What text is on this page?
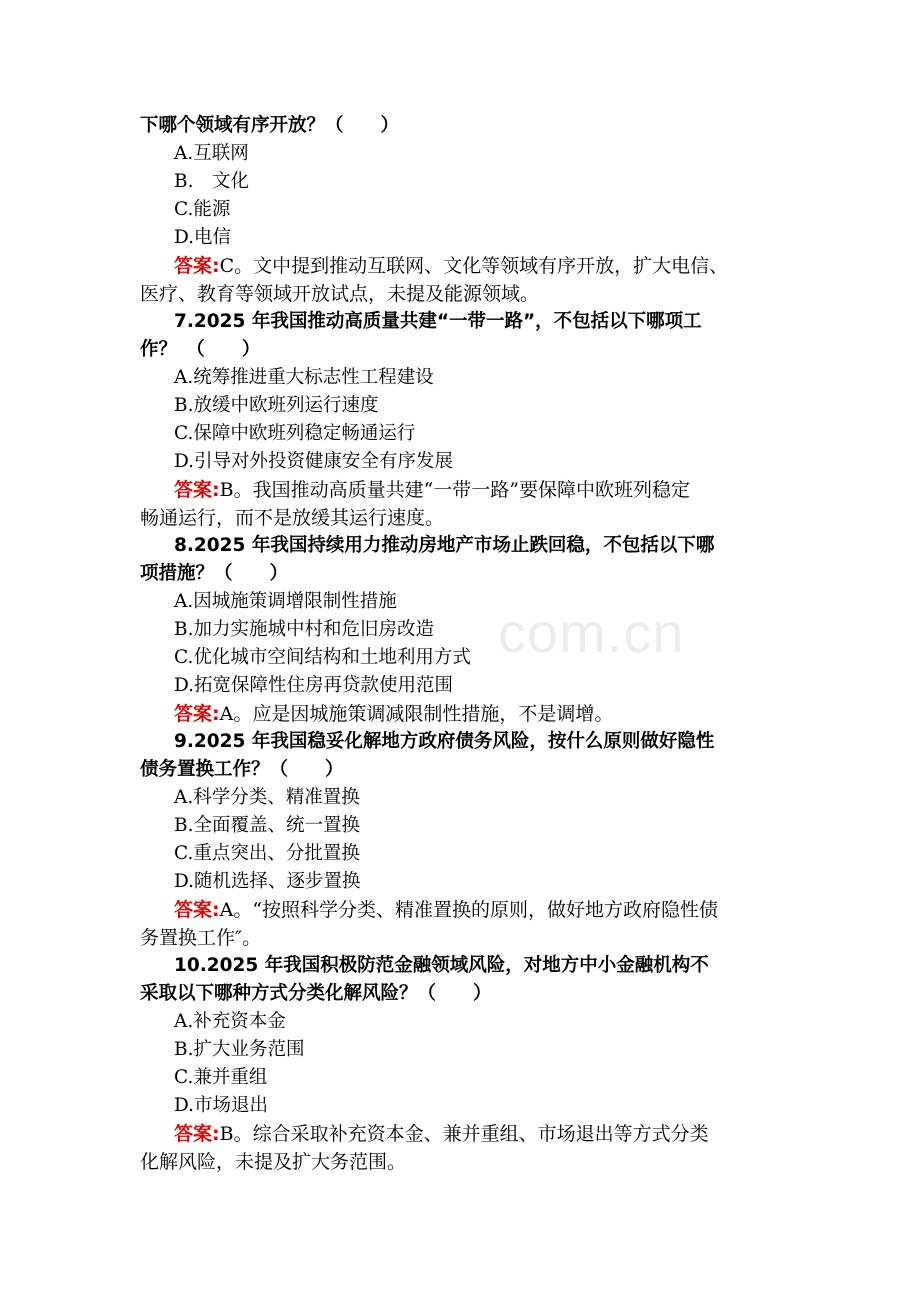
com.cn
下哪个领域有序开放？（　　）
A.互联网
B.　文化
C.能源
D.电信
答案:C。文中提到推动互联网、文化等领域有序开放，扩大电信、
医疗、教育等领域开放试点，未提及能源领域。
7.2025 年我国推动高质量共建“一带一路”，不包括以下哪项工
作？　（　　）
A.统筹推进重大标志性工程建设
B.放缓中欧班列运行速度
C.保障中欧班列稳定畅通运行
D.引导对外投资健康安全有序发展
答案:B。我国推动高质量共建“一带一路”要保障中欧班列稳定
畅通运行，而不是放缓其运行速度。
8.2025 年我国持续用力推动房地产市场止跌回稳，不包括以下哪
项措施？（　　）
A.因城施策调增限制性措施
B.加力实施城中村和危旧房改造
C.优化城市空间结构和土地利用方式
D.拓宽保障性住房再贷款使用范围
答案:A。应是因城施策调减限制性措施，不是调增。
9.2025 年我国稳妥化解地方政府债务风险，按什么原则做好隐性
债务置换工作？（　　）
A.科学分类、精准置换
B.全面覆盖、统一置换
C.重点突出、分批置换
D.随机选择、逐步置换
答案:A。“按照科学分类、精准置换的原则，做好地方政府隐性债
务置换工作″。
10.2025 年我国积极防范金融领域风险，对地方中小金融机构不
采取以下哪种方式分类化解风险？（　　）
A.补充资本金
B.扩大业务范围
C.兼并重组
D.市场退出
答案:B。综合采取补充资本金、兼并重组、市场退出等方式分类
化解风险，未提及扩大务范围。
